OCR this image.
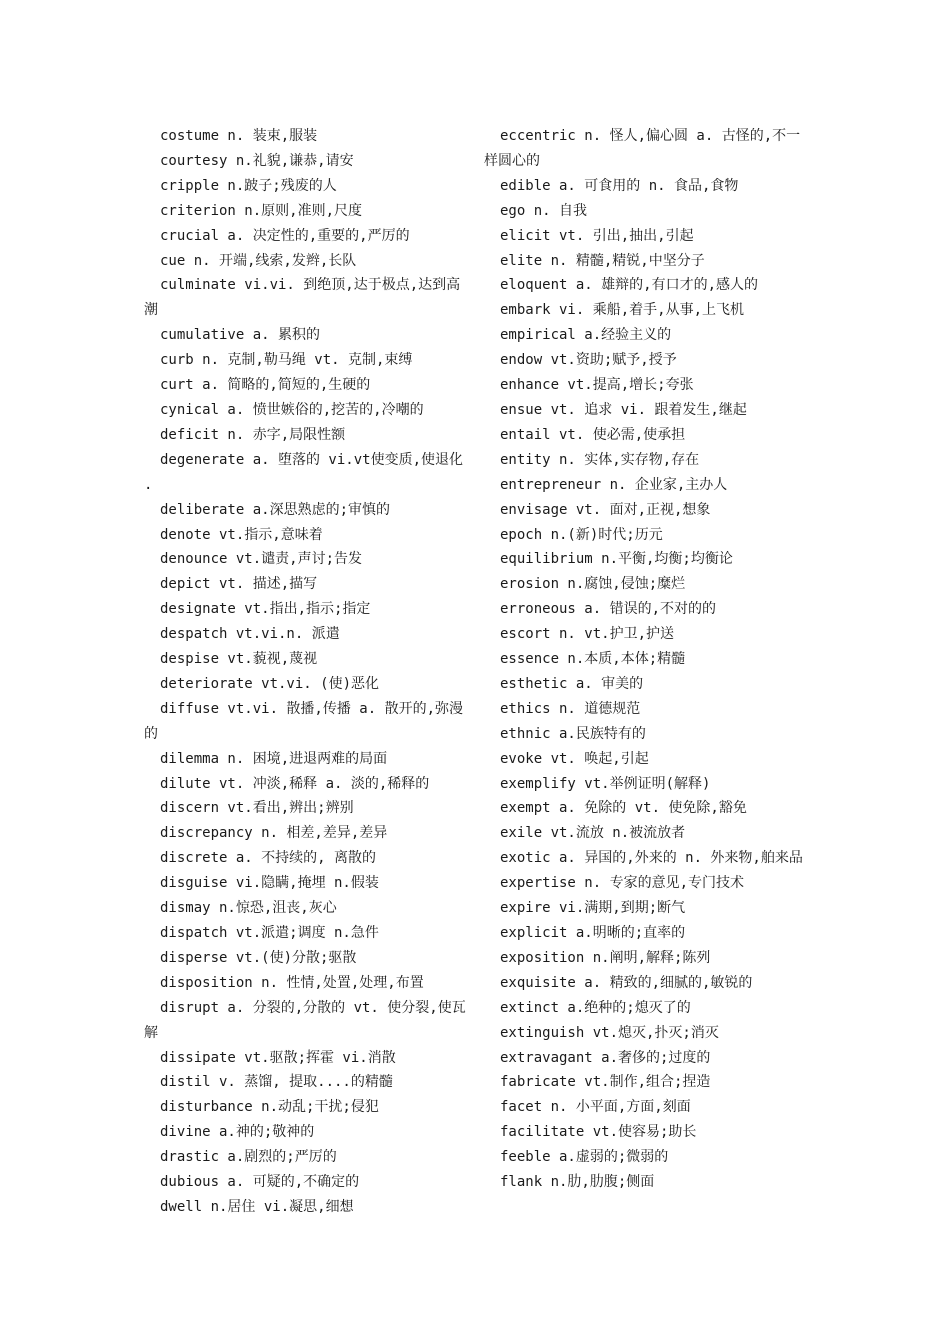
costume n. 装束,服装
courtesy n.礼貌,谦恭,请安
cripple n.跛子;残废的人
criterion n.原则,准则,尺度
crucial a. 决定性的,重要的,严厉的
cue n. 开端,线索,发辫,长队
culminate vi.vi. 到绝顶,达于极点,达到高潮
cumulative a. 累积的
curb n. 克制,勒马绳 vt. 克制,束缚
curt a. 简略的,简短的,生硬的
cynical a. 愤世嫉俗的,挖苦的,冷嘲的
deficit n. 赤字,局限性额
degenerate a. 堕落的 vi.vt使变质,使退化 .
deliberate a.深思熟虑的;审慎的
denote vt.指示,意味着
denounce vt.谴责,声讨;告发
depict vt. 描述,描写
designate vt.指出,指示;指定
despatch vt.vi.n. 派遣
despise vt.藐视,蔑视
deteriorate vt.vi. (使)恶化
diffuse vt.vi. 散播,传播 a. 散开的,弥漫的
dilemma n. 困境,进退两难的局面
dilute vt. 冲淡,稀释 a. 淡的,稀释的
discern vt.看出,辨出;辨别
discrepancy n. 相差,差异,差异
discrete a. 不持续的, 离散的
disguise vi.隐瞒,掩埋 n.假装
dismay n.惊恐,沮丧,灰心
dispatch vt.派遣;调度 n.急件
disperse vt.(使)分散;驱散
disposition n. 性情,处置,处理,布置
disrupt a. 分裂的,分散的 vt. 使分裂,使瓦解
dissipate vt.驱散;挥霍 vi.消散
distil v. 蒸馏, 提取....的精髓
disturbance n.动乱;干扰;侵犯
divine a.神的;敬神的
drastic a.剧烈的;严厉的
dubious a. 可疑的,不确定的
dwell n.居住 vi.凝思,细想
eccentric n. 怪人,偏心圆 a. 古怪的,不一样圆心的
edible a. 可食用的 n. 食品,食物
ego n. 自我
elicit vt. 引出,抽出,引起
elite n. 精髓,精锐,中坚分子
eloquent a. 雄辩的,有口才的,感人的
embark vi. 乘船,着手,从事,上飞机
empirical a.经验主义的
endow vt.资助;赋予,授予
enhance vt.提高,增长;夸张
ensue vt. 追求 vi. 跟着发生,继起
entail vt. 使必需,使承担
entity n. 实体,实存物,存在
entrepreneur n. 企业家,主办人
envisage vt. 面对,正视,想象
epoch n.(新)时代;历元
equilibrium n.平衡,均衡;均衡论
erosion n.腐蚀,侵蚀;糜烂
erroneous a. 错误的,不对的的
escort n. vt.护卫,护送
essence n.本质,本体;精髓
esthetic a. 审美的
ethics n. 道德规范
ethnic a.民族特有的
evoke vt. 唤起,引起
exemplify vt.举例证明(解释)
exempt a. 免除的 vt. 使免除,豁免
exile vt.流放 n.被流放者
exotic a. 异国的,外来的 n. 外来物,舶来品
expertise n. 专家的意见,专门技术
expire vi.满期,到期;断气
explicit a.明晰的;直率的
exposition n.阐明,解释;陈列
exquisite a. 精致的,细腻的,敏锐的
extinct a.绝种的;熄灭了的
extinguish vt.熄灭,扑灭;消灭
extravagant a.奢侈的;过度的
fabricate vt.制作,组合;捏造
facet n. 小平面,方面,刻面
facilitate vt.使容易;助长
feeble a.虚弱的;微弱的
flank n.肋,肋腹;侧面
